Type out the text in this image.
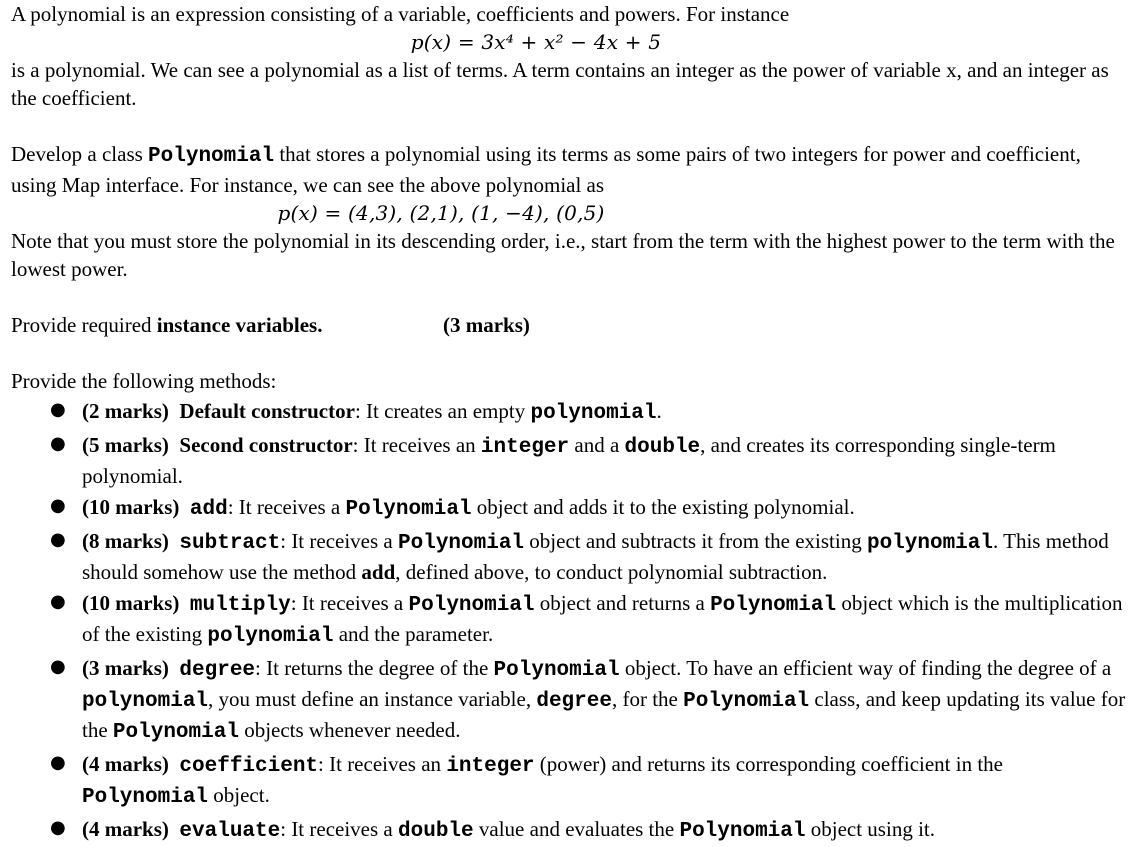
A polynomial is an expression consisting of a variable, coefficients and powers. For instance

p(x) = 3x⁴ + x² − 4x + 5

is a polynomial. We can see a polynomial as a list of terms. A term contains an integer as the power of variable x, and an integer as the coefficient.

Develop a class Polynomial that stores a polynomial using its terms as some pairs of two integers for power and coefficient, using Map interface. For instance, we can see the above polynomial as

p(x) = (4,3), (2,1), (1, −4), (0,5)

Note that you must store the polynomial in its descending order, i.e., start from the term with the highest power to the term with the lowest power.

Provide required instance variables.	(3 marks)

Provide the following methods:

● (2 marks) Default constructor: It creates an empty polynomial.
● (5 marks) Second constructor: It receives an integer and a double, and creates its corresponding single-term polynomial.
● (10 marks) add: It receives a Polynomial object and adds it to the existing polynomial.
● (8 marks) subtract: It receives a Polynomial object and subtracts it from the existing polynomial. This method should somehow use the method add, defined above, to conduct polynomial subtraction.
● (10 marks) multiply: It receives a Polynomial object and returns a Polynomial object which is the multiplication of the existing polynomial and the parameter.
● (3 marks) degree: It returns the degree of the Polynomial object. To have an efficient way of finding the degree of a polynomial, you must define an instance variable, degree, for the Polynomial class, and keep updating its value for the Polynomial objects whenever needed.
● (4 marks) coefficient: It receives an integer (power) and returns its corresponding coefficient in the Polynomial object.
● (4 marks) evaluate: It receives a double value and evaluates the Polynomial object using it.
